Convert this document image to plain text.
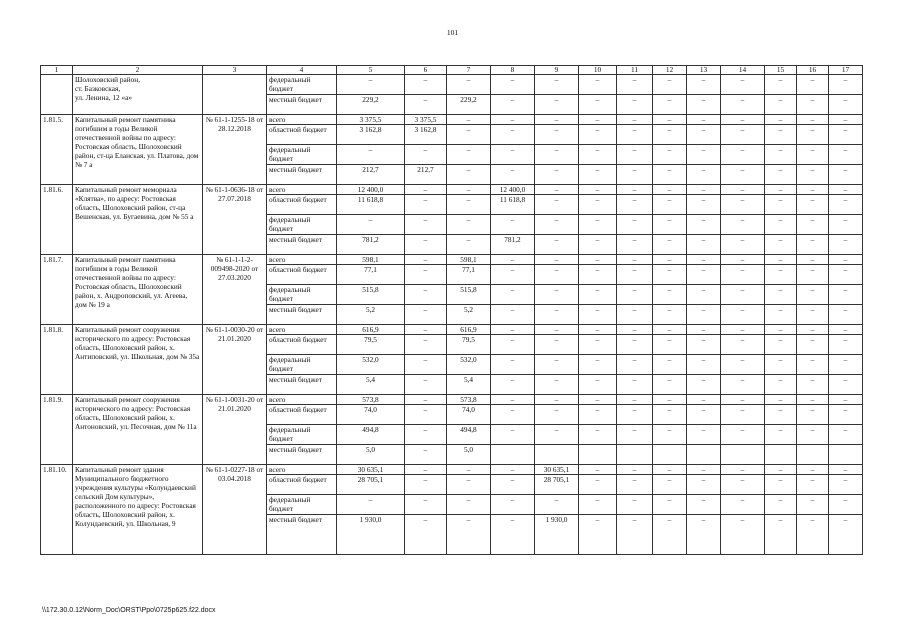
101
1	2	3	4	5	6	7	8	9	10	11	12	13	14	15	16	17
	Шолоховский район,
ст. Базковская,
ул. Ленина, 12 «а»		федеральный бюджет	–	–	–	–	–	–	–	–	–	–	–	–	–
			местный бюджет	229,2	–	229,2	–	–	–	–	–	–	–	–	–	–
1.81.5.	Капитальный ремонт памятника погибшим в годы Великой отечественной войны по адресу: Ростовская область, Шолоховский район, ст-ца Еланская, ул. Платова, дом № 7 а	№ 61-1-1255-18 от 28.12.2018	всего	3 375,5	3 375,5	–	–	–	–	–	–	–	–	–	–	–
			областной бюджет	3 162,8	3 162,8	–	–	–	–	–	–	–	–	–	–	–
			федеральный бюджет	–	–	–	–	–	–	–	–	–	–	–	–	–
			местный бюджет	212,7	212,7	–	–	–	–	–	–	–	–	–	–	–
1.81.6.	Капитальный ремонт мемориала «Клятва», по адресу: Ростовская область, Шолоховский район, ст-ца Вешенская, ул. Бугаевина, дом № 55 а	№ 61-1-0636-18 от 27.07.2018	всего	12 400,0	–	–	12 400,0	–	–	–	–	–	–	–	–	–
			областной бюджет	11 618,8	–	–	11 618,8	–	–	–	–	–	–	–	–	–
			федеральный бюджет	–	–	–	–	–	–	–	–	–	–	–	–	–
			местный бюджет	781,2	–	–	781,2	–	–	–	–	–	–	–	–	–
1.81.7.	Капитальный ремонт памятника погибшим в годы Великой отечественной войны по адресу: Ростовская область, Шолоховский район, х. Андроповский, ул. Агеева, дом № 19 а	№ 61-1-1-2-009498-2020 от 27.03.2020	всего	598,1	–	598,1	–	–	–	–	–	–	–	–	–	–
			областной бюджет	77,1	–	77,1	–	–	–	–	–	–	–	–	–	–
			федеральный бюджет	515,8	–	515,8	–	–	–	–	–	–	–	–	–	–
			местный бюджет	5,2	–	5,2	–	–	–	–	–	–	–	–	–	–
1.81.8.	Капитальный ремонт сооружения исторического по адресу: Ростовская область, Шолоховский район, х. Антиповский, ул. Школьная, дом № 35а	№ 61-1-0030-20 от 21.01.2020	всего	616,9	–	616,9	–	–	–	–	–	–	–	–	–	–
			областной бюджет	79,5	–	79,5	–	–	–	–	–	–	–	–	–	–
			федеральный бюджет	532,0	–	532,0	–	–	–	–	–	–	–	–	–	–
			местный бюджет	5,4	–	5,4	–	–	–	–	–	–	–	–	–	–
1.81.9.	Капитальный ремонт сооружения исторического по адресу: Ростовская область, Шолоховский район, х. Антоновский, ул. Песочная, дом № 11а	№ 61-1-0031-20 от 21.01.2020	всего	573,8	–	573,8	–	–	–	–	–	–	–	–	–	–
			областной бюджет	74,0	–	74,0	–	–	–	–	–	–	–	–	–	–
			федеральный бюджет	494,8	–	494,8	–	–	–	–	–	–	–	–	–	–
			местный бюджет	5,0	–	5,0										
1.81.10.	Капитальный ремонт здания Муниципального бюджетного учреждения культуры «Колундаевский сельский Дом культуры», расположенного по адресу: Ростовская область, Шолоховский район, х. Колундаевский, ул. Школьная, 9	№ 61-1-0227-18 от 03.04.2018	всего	30 635,1	–	–	–	30 635,1	–	–	–	–	–	–	–	–
			областной бюджет	28 705,1	–	–	–	28 705,1	–	–	–	–	–	–	–	–
			федеральный бюджет	–	–	–	–	–	–	–	–	–	–	–	–	–
			местный бюджет	1 930,0	–	–	–	1 930,0	–	–	–	–	–	–	–	–
\\172.30.0.12\Norm_Doc\ORST\Ppo\0725p625.f22.docx
